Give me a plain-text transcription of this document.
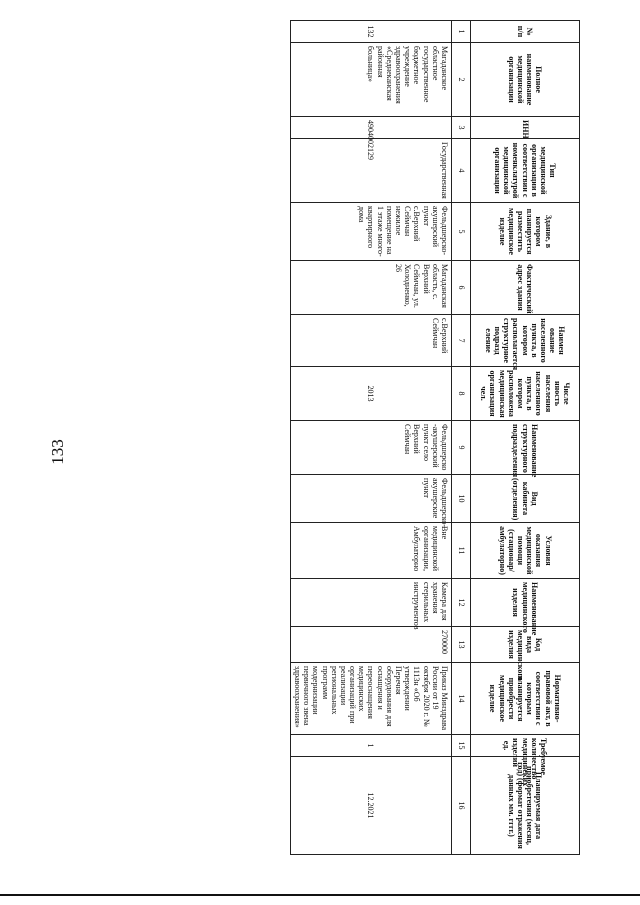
133
№ п/п	Полное наименование медицинской организации	ИНН	Тип медицинской организации в соответствии с номенклатурой медицинской организации	Здание, в котором планируется разместить медицинское изделие	Фактический адрес здания	Наимен ование населенного пункта, в котором располагается структурное подразд еление	Числе нность населения населенного пункта, в котором расположена медицинская организация чел.	Наименование структурного подразделения	Вид кабинета (отделения)	Условия оказания медицинской помощи (стационар/амбулаторно)	Наименование медицинского изделия	Код вида медицинского изделия	Нормативно- правовой акт, в соответствии с которым планируется приобрести медицинское изделие	Требуемое количество медицинских изделий ед.	Планируемая дата приобретения (месяц, год) (формат отражения данных мм. гггг.)
1	2	3	4	5	6	7	8	9	10	11	12	13	14	15	16
132	Магаданское областное государственное бюджетное учреждение здравоохранения «Среднеканская районная больница»	4904002129	Государственная	Фельдшерско-акушерский пункт с.Верхний Сеймчан нежилое помещение на 1 этаже много-квартирного дома	Магаданская область, с. Верхний Сеймчан, ул. Холодненко, 26	с.Верхний Сеймчан	2013	Фельдшерско -акушерский пункт село Верхний Сеймчан	Фельдшерско-акушерские пункт	Вне медицинской организации, Амбулаторно	Камера для хранения стерильных инструментов	270000	Приказ Минздрава России от 19 октября 2020 г. № 1113н «Об утверждении Перечня оборудования для оснащения и переоснащения медицинских организаций при реализации региональных программ модернизации первичного звена здравоохранения»	1	12.2021
